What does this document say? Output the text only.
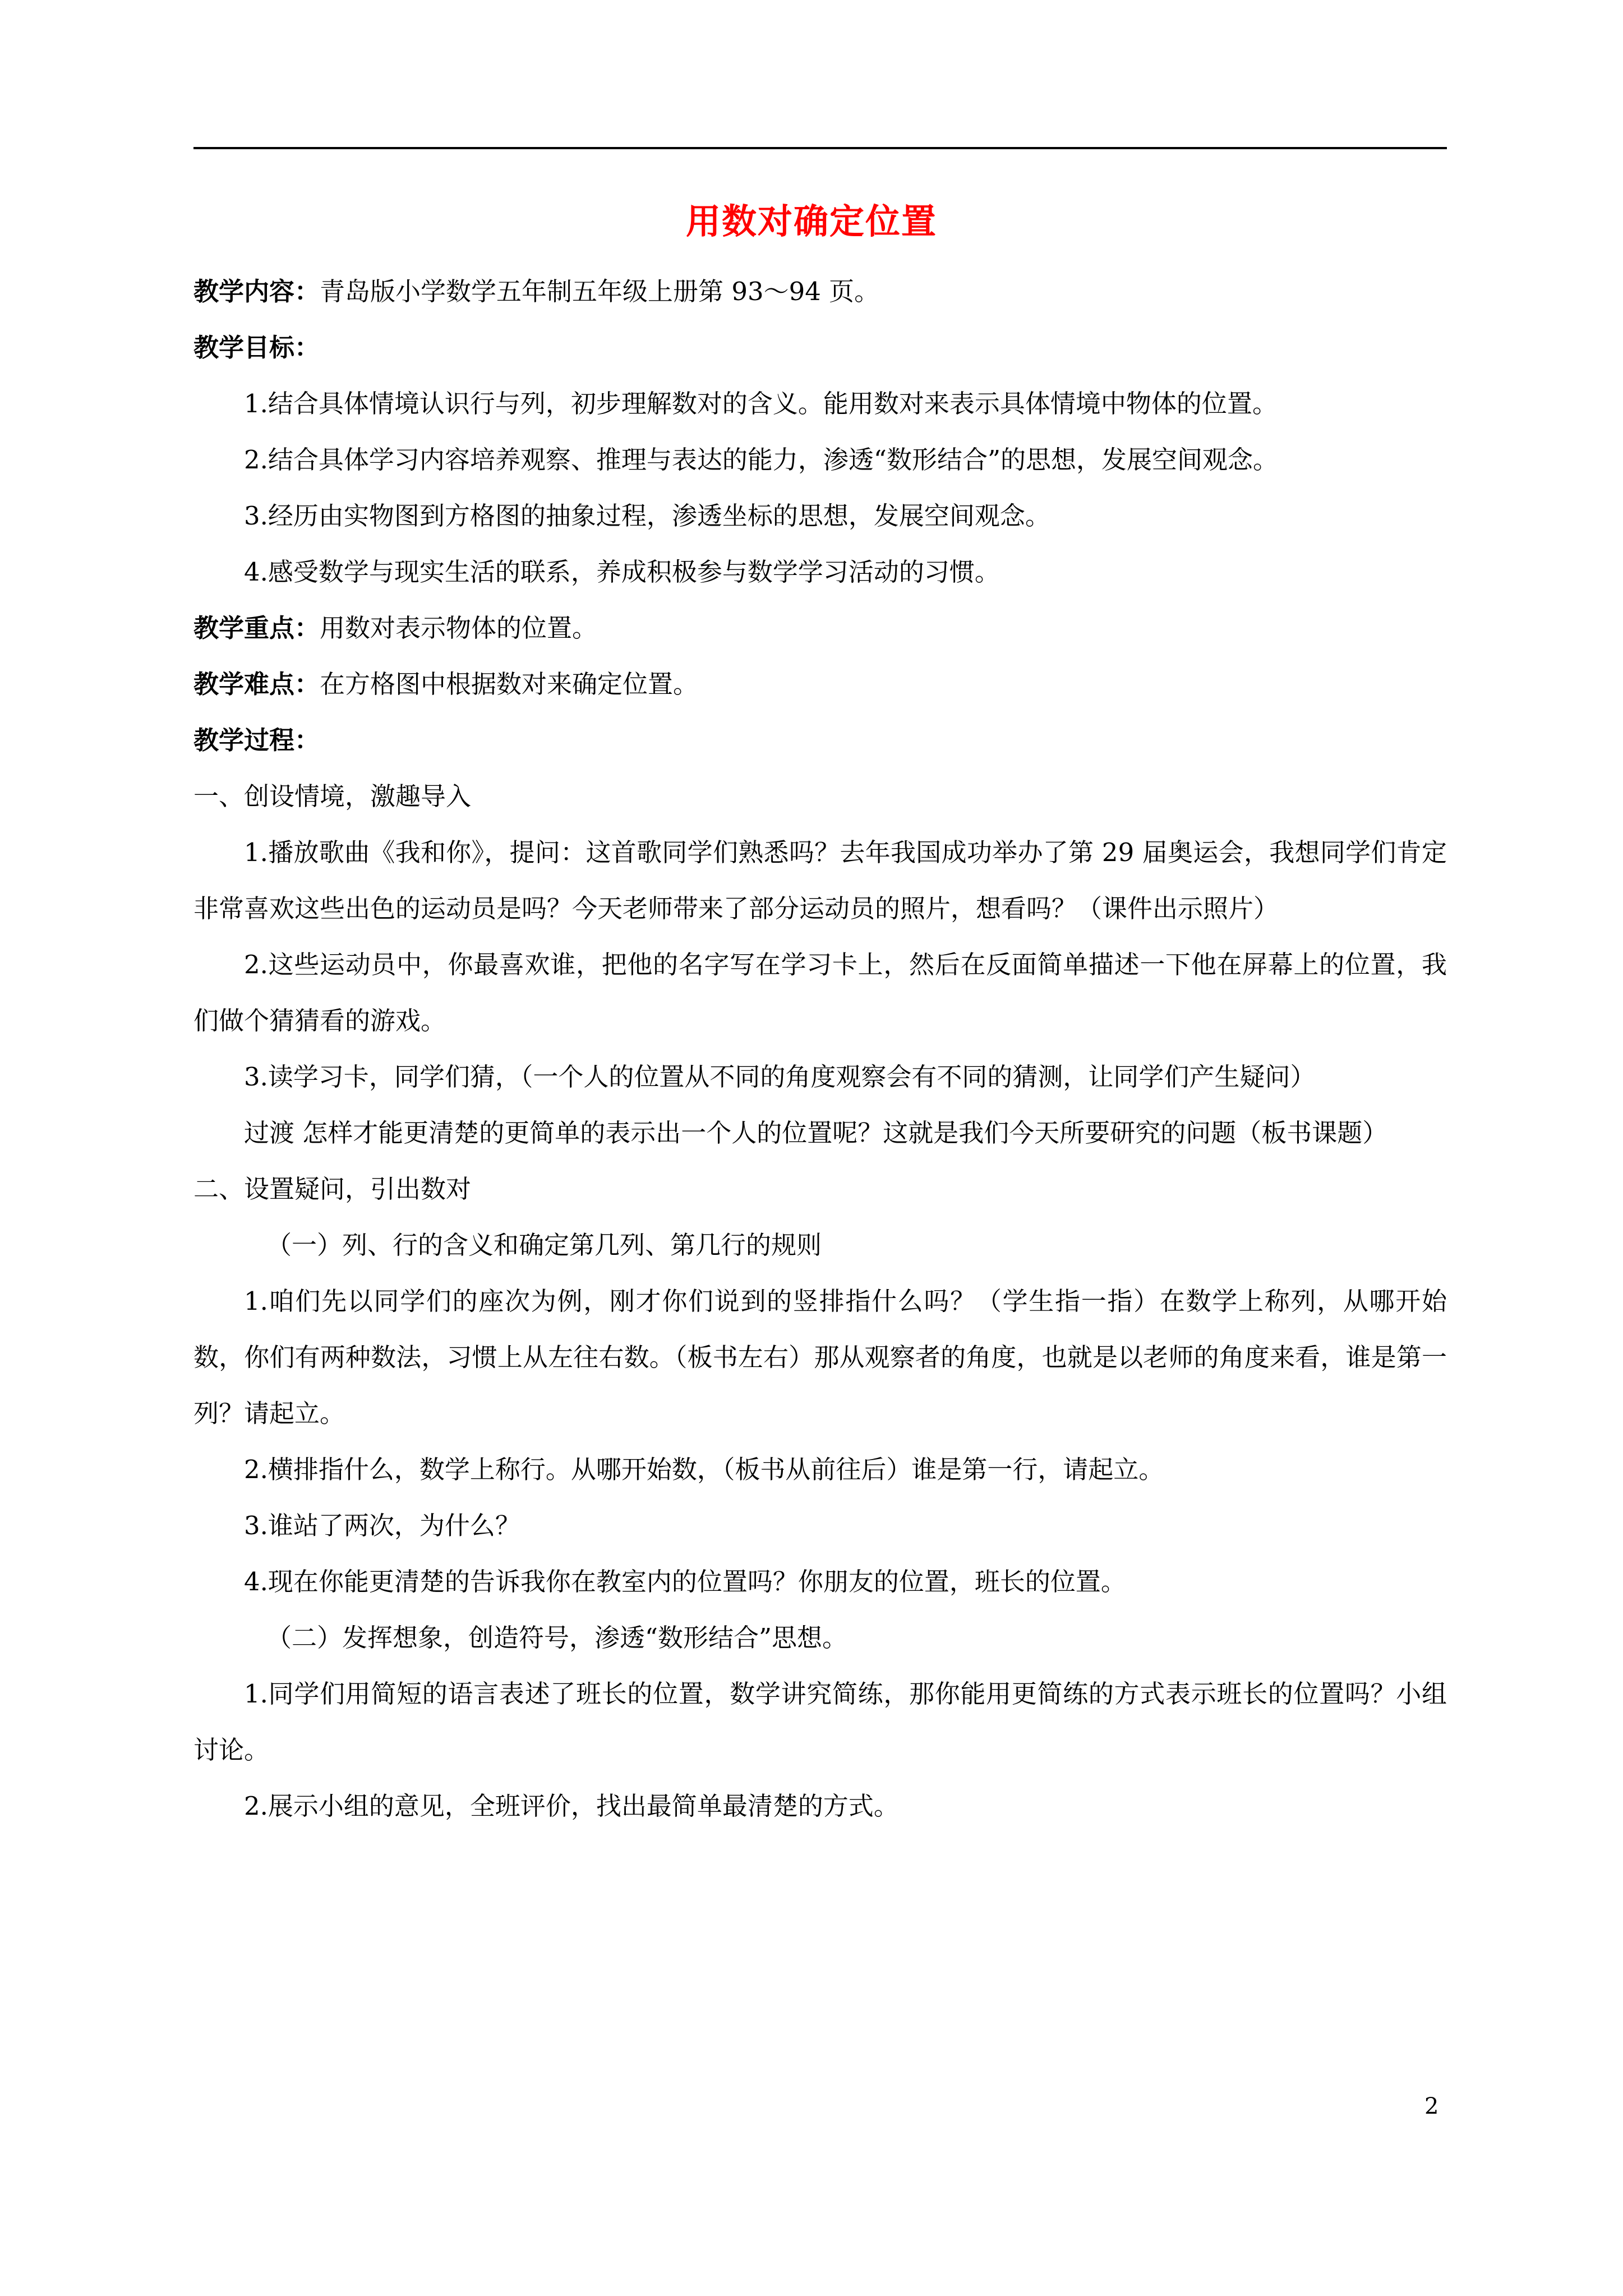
用数对确定位置

教学内容：青岛版小学数学五年制五年级上册第 93～94 页。

教学目标：

1.结合具体情境认识行与列，初步理解数对的含义。能用数对来表示具体情境中物体的位置。

2.结合具体学习内容培养观察、推理与表达的能力，渗透“数形结合”的思想，发展空间观念。

3.经历由实物图到方格图的抽象过程，渗透坐标的思想，发展空间观念。

4.感受数学与现实生活的联系，养成积极参与数学学习活动的习惯。

教学重点：用数对表示物体的位置。

教学难点：在方格图中根据数对来确定位置。

教学过程：

一、创设情境，激趣导入

1.播放歌曲《我和你》，提问：这首歌同学们熟悉吗？去年我国成功举办了第 29 届奥运会，我想同学们肯定非常喜欢这些出色的运动员是吗？今天老师带来了部分运动员的照片，想看吗？（课件出示照片）

2.这些运动员中，你最喜欢谁，把他的名字写在学习卡上，然后在反面简单描述一下他在屏幕上的位置，我们做个猜猜看的游戏。

3.读学习卡，同学们猜，（一个人的位置从不同的角度观察会有不同的猜测，让同学们产生疑问）

过渡 怎样才能更清楚的更简单的表示出一个人的位置呢？这就是我们今天所要研究的问题（板书课题）

二、设置疑问，引出数对

（一）列、行的含义和确定第几列、第几行的规则

1.咱们先以同学们的座次为例，刚才你们说到的竖排指什么吗？（学生指一指）在数学上称列，从哪开始数，你们有两种数法，习惯上从左往右数。（板书左右）那从观察者的角度，也就是以老师的角度来看，谁是第一列？请起立。

2.横排指什么，数学上称行。从哪开始数，（板书从前往后）谁是第一行，请起立。

3.谁站了两次，为什么？

4.现在你能更清楚的告诉我你在教室内的位置吗？你朋友的位置，班长的位置。

（二）发挥想象，创造符号，渗透“数形结合”思想。

1.同学们用简短的语言表述了班长的位置，数学讲究简练，那你能用更简练的方式表示班长的位置吗？小组讨论。

2.展示小组的意见，全班评价，找出最简单最清楚的方式。

2
